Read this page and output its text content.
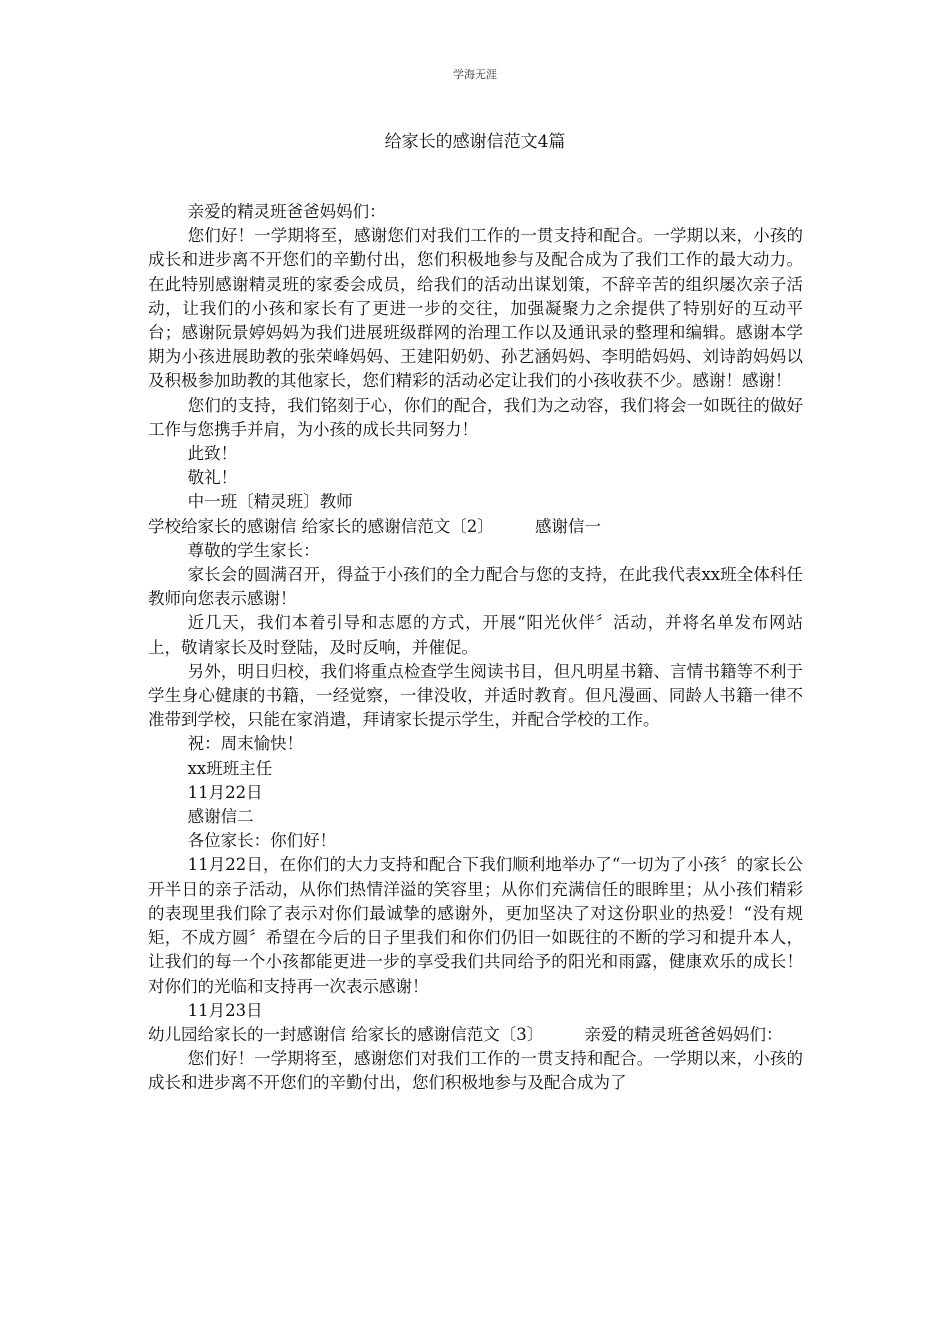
学海无涯
给家长的感谢信范文4篇

亲爱的精灵班爸爸妈妈们：

您们好！一学期将至，感谢您们对我们工作的一贯支持和配合。一学期以来，小孩的成长和进步离不开您们的辛勤付出，您们积极地参与及配合成为了我们工作的最大动力。在此特别感谢精灵班的家委会成员，给我们的活动出谋划策，不辞辛苦的组织屡次亲子活动，让我们的小孩和家长有了更进一步的交往，加强凝聚力之余提供了特别好的互动平台；感谢阮景婷妈妈为我们进展班级群网的治理工作以及通讯录的整理和编辑。感谢本学期为小孩进展助教的张荣峰妈妈、王建阳奶奶、孙艺涵妈妈、李明皓妈妈、刘诗韵妈妈以及积极参加助教的其他家长，您们精彩的活动必定让我们的小孩收获不少。感谢！感谢！

您们的支持，我们铭刻于心，你们的配合，我们为之动容，我们将会一如既往的做好工作与您携手并肩，为小孩的成长共同努力！

此致！

敬礼！

中一班〔精灵班〕教师

学校给家长的感谢信 给家长的感谢信范文〔2〕　　　感谢信一

尊敬的学生家长：

家长会的圆满召开，得益于小孩们的全力配合与您的支持，在此我代表xx班全体科任教师向您表示感谢！

近几天，我们本着引导和志愿的方式，开展“阳光伙伴〞活动，并将名单发布网站上，敬请家长及时登陆，及时反响，并催促。

另外，明日归校，我们将重点检查学生阅读书目，但凡明星书籍、言情书籍等不利于学生身心健康的书籍，一经觉察，一律没收，并适时教育。但凡漫画、同龄人书籍一律不准带到学校，只能在家消遣，拜请家长提示学生，并配合学校的工作。

祝：周末愉快！

xx班班主任

11月22日

感谢信二

各位家长：你们好！

11月22日，在你们的大力支持和配合下我们顺利地举办了“一切为了小孩〞的家长公开半日的亲子活动，从你们热情洋溢的笑容里；从你们充满信任的眼眸里；从小孩们精彩的表现里我们除了表示对你们最诚挚的感谢外，更加坚决了对这份职业的热爱！“没有规矩，不成方圆〞希望在今后的日子里我们和你们仍旧一如既往的不断的学习和提升本人，让我们的每一个小孩都能更进一步的享受我们共同给予的阳光和雨露，健康欢乐的成长！对你们的光临和支持再一次表示感谢！

11月23日

幼儿园给家长的一封感谢信 给家长的感谢信范文〔3〕　　　亲爱的精灵班爸爸妈妈们：

您们好！一学期将至，感谢您们对我们工作的一贯支持和配合。一学期以来，小孩的成长和进步离不开您们的辛勤付出，您们积极地参与及配合成为了
